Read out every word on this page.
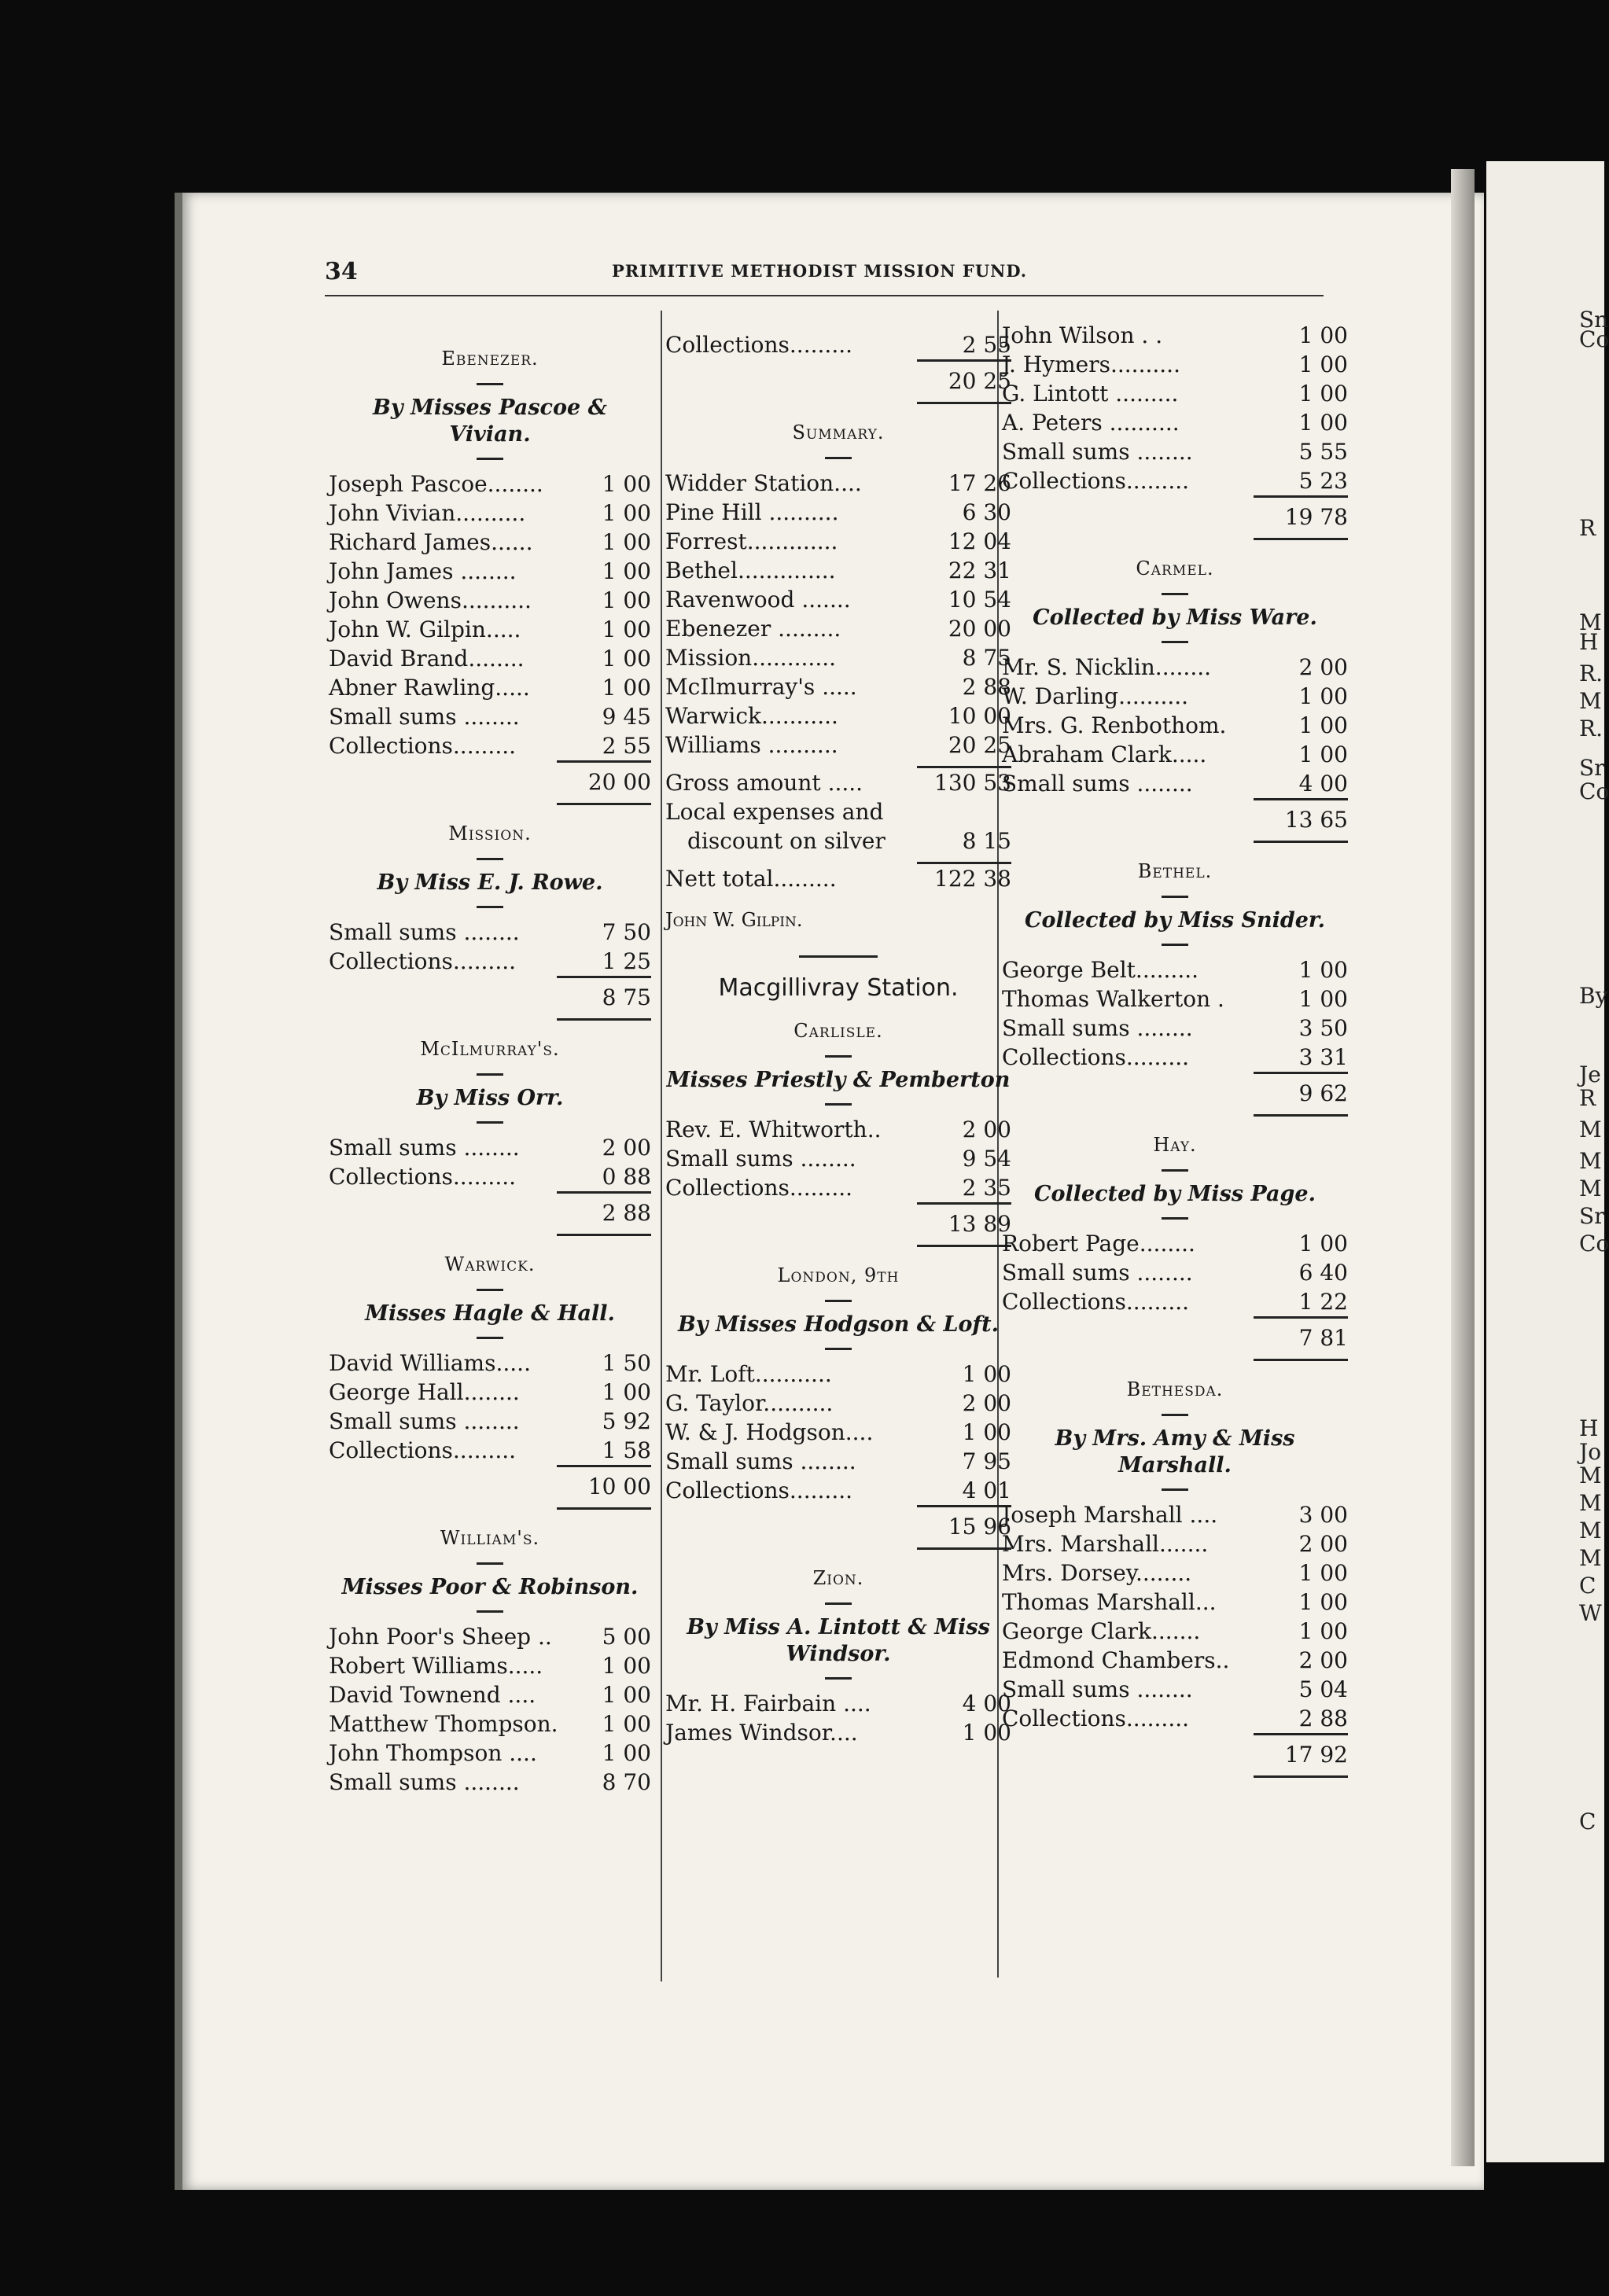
Sn
Co
R
M
H
R.
M
R.
Sr
Co
By
Je
R
M
M
M
Sr
Co
H
Jo
M
M
M
M
C
W
C
34	PRIMITIVE METHODIST MISSION FUND.
Ebenezer.
By Misses Pascoe & Vivian.
Joseph Pascoe........	1 00
John Vivian..........	1 00
Richard James......	1 00
John James ........	1 00
John Owens..........	1 00
John W. Gilpin.....	1 00
David Brand........	1 00
Abner Rawling.....	1 00
Small sums ........	9 45
Collections.........	2 55
20 00
Mission.
By Miss E. J. Rowe.
Small sums ........	7 50
Collections.........	1 25
8 75
McIlmurray's.
By Miss Orr.
Small sums ........	2 00
Collections.........	0 88
2 88
Warwick.
Misses Hagle & Hall.
David Williams.....	1 50
George Hall........	1 00
Small sums ........	5 92
Collections.........	1 58
10 00
William's.
Misses Poor & Robinson.
John Poor's Sheep ..	5 00
Robert Williams.....	1 00
David Townend ....	1 00
Matthew Thompson.	1 00
John Thompson ....	1 00
Small sums ........	8 70
Collections.........	2 55
20 25
Summary.
Widder Station....	17 26
Pine Hill ..........	6 30
Forrest.............	12 04
Bethel..............	22 31
Ravenwood .......	10 54
Ebenezer .........	20 00
Mission............	8 75
McIlmurray's .....	2 88
Warwick...........	10 00
Williams ..........	20 25
Gross amount .....	130 53
Local expenses and
discount on silver	8 15
Nett total.........	122 38
John W. Gilpin.
Macgillivray Station.
Carlisle.
Misses Priestly & Pemberton
Rev. E. Whitworth..	2 00
Small sums ........	9 54
Collections.........	2 35
13 89
London, 9th
By Misses Hodgson & Loft.
Mr. Loft...........	1 00
G. Taylor..........	2 00
W. & J. Hodgson....	1 00
Small sums ........	7 95
Collections.........	4 01
15 96
Zion.
By Miss A. Lintott & Miss Windsor.
Mr. H. Fairbain ....	4 00
James Windsor....	1 00
John Wilson . .	1 00
J. Hymers..........	1 00
G. Lintott .........	1 00
A. Peters ..........	1 00
Small sums ........	5 55
Collections.........	5 23
19 78
Carmel.
Collected by Miss Ware.
Mr. S. Nicklin........	2 00
W. Darling..........	1 00
Mrs. G. Renbothom.	1 00
Abraham Clark.....	1 00
Small sums ........	4 00
13 65
Bethel.
Collected by Miss Snider.
George Belt.........	1 00
Thomas Walkerton .	1 00
Small sums ........	3 50
Collections.........	3 31
9 62
Hay.
Collected by Miss Page.
Robert Page........	1 00
Small sums ........	6 40
Collections.........	1 22
7 81
Bethesda.
By Mrs. Amy & Miss Marshall.
Joseph Marshall ....	3 00
Mrs. Marshall.......	2 00
Mrs. Dorsey........	1 00
Thomas Marshall...	1 00
George Clark.......	1 00
Edmond Chambers..	2 00
Small sums ........	5 04
Collections.........	2 88
17 92
